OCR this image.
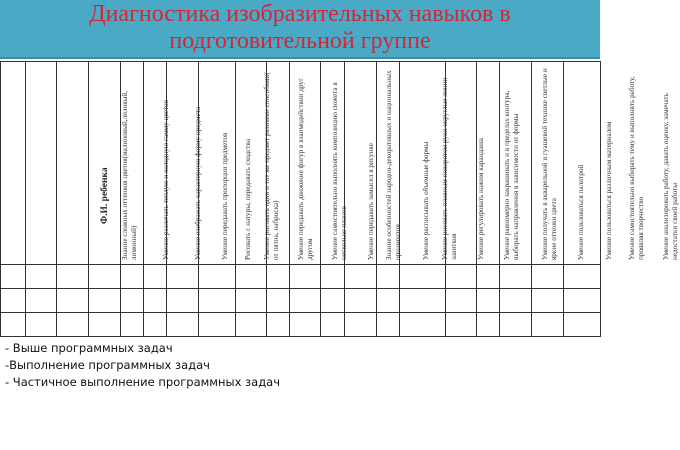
Диагностика изобразительных навыков в
подготовительной группе
Ф.И. ребенка	Знание сложных оттенков цветов(малиновый,лиловый, лимонный)	Умение различать теплую и холодную гамму цветов	Умение изображать характерную форму предмета	Умение передавать пропорции предметов	Рисовать с натуры, передавать сходства	Умение рисовать один и тот же предмет разными способами( от пятна, наброска)	Умение передавать движение фигур в взаимодействии друг другом	Умение самостоятельно выполнять композицию сюжета в несколько планов	Умение передавать замысел в рисунке	Знание особенностей народно-декоративных и национальных орнаментов	Умение расписывать объемные формы	Умение рисовать плавным поворотом руки округлые линии завитков	Умение регулировать нажим карандаша	Умение равномерно закрашивать и в пределах контура, выбирать направления в зависимости от формы	Умение получать в акварельной и гуашевой технике светлые и яркие оттенки цвета	Умение пользоваться палитрой	Умение пользоваться различным материалом	Умение самостоятельно выбирать тему и выполнять работу, проявляя творчество	Умение анализировать работу, давать оценку, замечать недостатки своей работы

- Выше программных задач
-Выполнение программных задач
- Частичное выполнение программных задач
